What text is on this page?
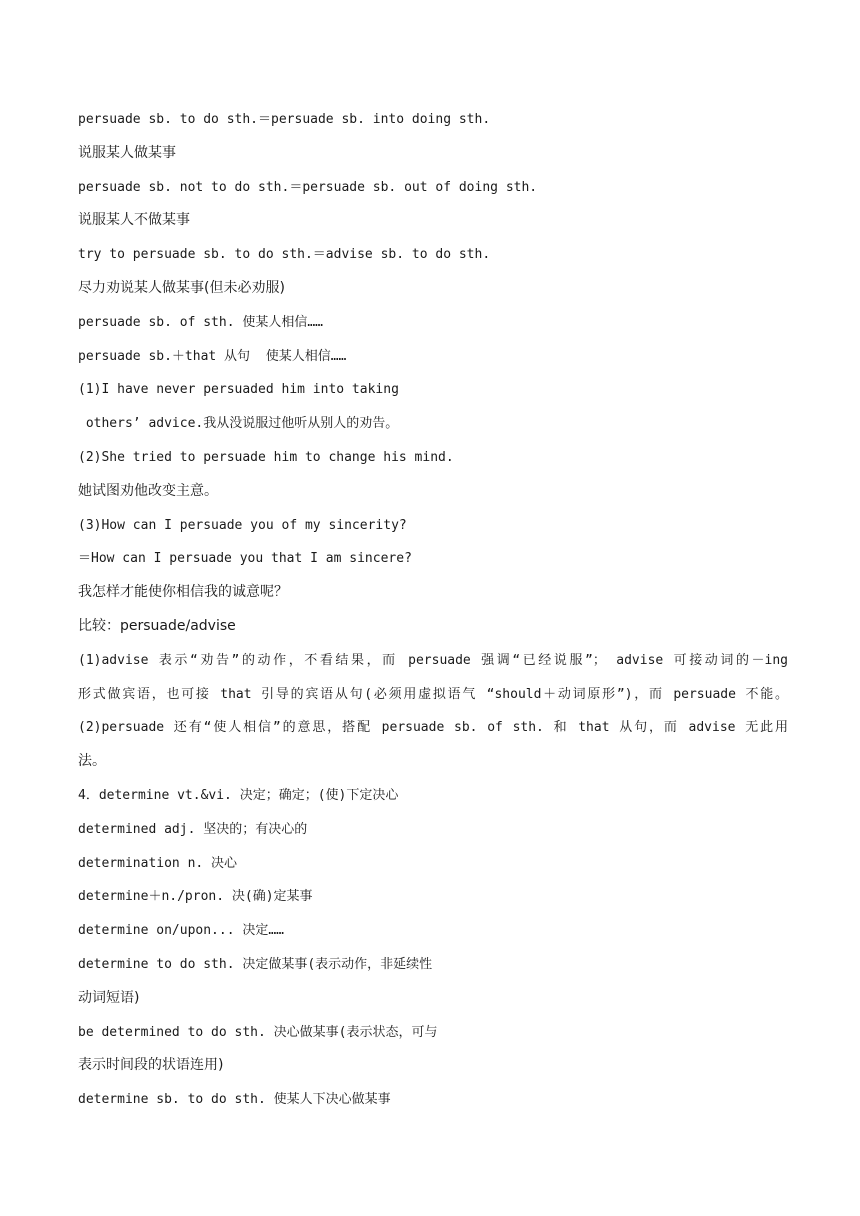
persuade sb. to do sth.＝persuade sb. into doing sth.
说服某人做某事
persuade sb. not to do sth.＝persuade sb. out of doing sth.
说服某人不做某事
try to persuade sb. to do sth.＝advise sb. to do sth.
尽力劝说某人做某事(但未必劝服)
persuade sb. of sth. 使某人相信……
persuade sb.＋that 从句  使某人相信……
(1)I have never persuaded him into taking
others’ advice.我从没说服过他听从别人的劝告。
(2)She tried to persuade him to change his mind.
她试图劝他改变主意。
(3)How can I persuade you of my sincerity?
＝How can I persuade you that I am sincere?
我怎样才能使你相信我的诚意呢？
比较：persuade/advise
(1)advise 表示“劝告”的动作，不看结果，而 persuade 强调“已经说服”； advise 可接动词的－ing
形式做宾语，也可接 that 引导的宾语从句(必须用虚拟语气 “should＋动词原形”)，而 persuade 不能。
(2)persuade 还有“使人相信”的意思，搭配 persuade sb. of sth. 和 that 从句，而 advise 无此用
法。
4．determine vt.&vi. 决定；确定；(使)下定决心
determined adj. 坚决的；有决心的
determination n. 决心
determine＋n./pron. 决(确)定某事
determine on/upon... 决定……
determine to do sth. 决定做某事(表示动作，非延续性
动词短语)
be determined to do sth. 决心做某事(表示状态，可与
表示时间段的状语连用)
determine sb. to do sth. 使某人下决心做某事
